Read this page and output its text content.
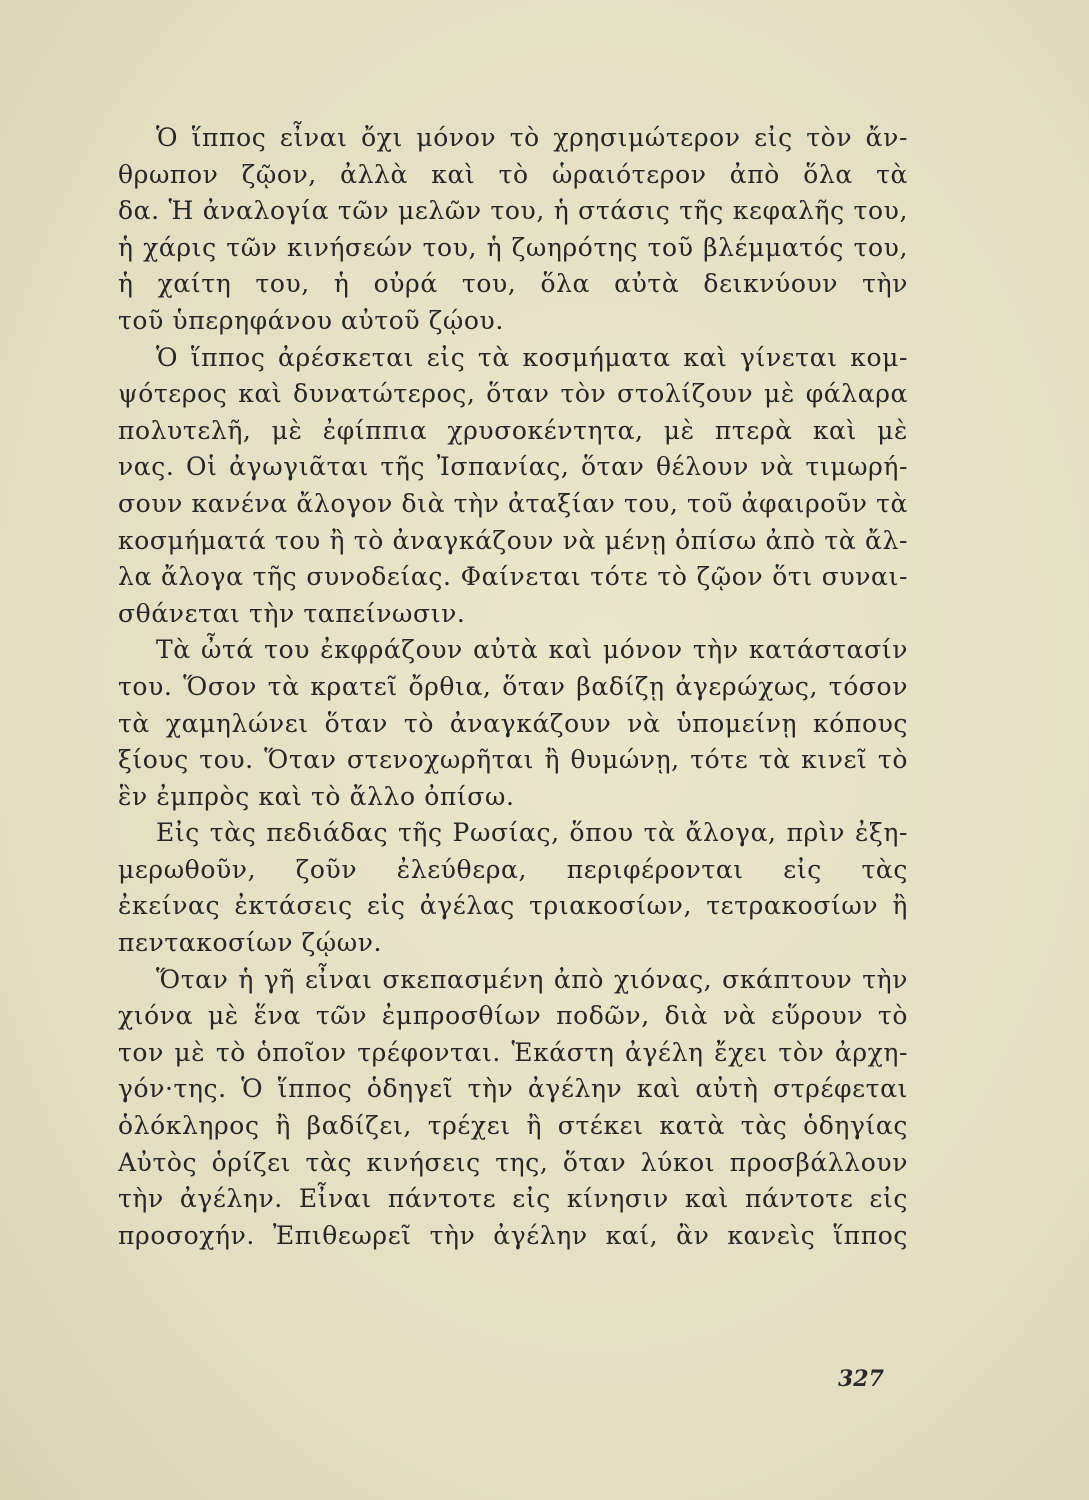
Ὁ ἵππος εἶναι ὄχι μόνον τὸ χρησιμώτερον εἰς τὸν ἄν-
θρωπον ζῷον, ἀλλὰ καὶ τὸ ὡραιότερον ἀπὸ ὅλα τὰ
δα. Ἡ ἀναλογία τῶν μελῶν του, ἡ στάσις τῆς κεφαλῆς του,
ἡ χάρις τῶν κινήσεών του, ἡ ζωηρότης τοῦ βλέμματός του,
ἡ χαίτη του, ἡ οὐρά του, ὅλα αὐτὰ δεικνύουν τὴν
τοῦ ὑπερηφάνου αὐτοῦ ζῴου.
Ὁ ἵππος ἀρέσκεται εἰς τὰ κοσμήματα καὶ γίνεται κομ-
ψότερος καὶ δυνατώτερος, ὅταν τὸν στολίζουν μὲ φάλαρα
πολυτελῆ, μὲ ἐφίππια χρυσοκέντητα, μὲ πτερὰ καὶ μὲ
νας. Οἱ ἀγωγιᾶται τῆς Ἰσπανίας, ὅταν θέλουν νὰ τιμωρή-
σουν κανένα ἄλογον διὰ τὴν ἀταξίαν του, τοῦ ἀφαιροῦν τὰ
κοσμήματά του ἢ τὸ ἀναγκάζουν νὰ μένῃ ὀπίσω ἀπὸ τὰ ἄλ-
λα ἄλογα τῆς συνοδείας. Φαίνεται τότε τὸ ζῷον ὅτι συναι-
σθάνεται τὴν ταπείνωσιν.
Τὰ ὦτά του ἐκφράζουν αὐτὰ καὶ μόνον τὴν κατάστασίν
του. Ὅσον τὰ κρατεῖ ὄρθια, ὅταν βαδίζῃ ἀγερώχως, τόσον
τὰ χαμηλώνει ὅταν τὸ ἀναγκάζουν νὰ ὑπομείνῃ κόπους
ξίους του. Ὅταν στενοχωρῆται ἢ θυμώνῃ, τότε τὰ κινεῖ τὸ
ἓν ἐμπρὸς καὶ τὸ ἄλλο ὀπίσω.
Εἰς τὰς πεδιάδας τῆς Ρωσίας, ὅπου τὰ ἄλογα, πρὶν ἐξη-
μερωθοῦν, ζοῦν ἐλεύθερα, περιφέρονται εἰς τὰς
ἐκείνας ἐκτάσεις εἰς ἀγέλας τριακοσίων, τετρακοσίων ἢ
πεντακοσίων ζῴων.
Ὅταν ἡ γῆ εἶναι σκεπασμένη ἀπὸ χιόνας, σκάπτουν τὴν
χιόνα μὲ ἕνα τῶν ἐμπροσθίων ποδῶν, διὰ νὰ εὕρουν τὸ
τον μὲ τὸ ὁποῖον τρέφονται. Ἑκάστη ἀγέλη ἔχει τὸν ἀρχη-
γόν·της. Ὁ ἵππος ὁδηγεῖ τὴν ἀγέλην καὶ αὐτὴ στρέφεται
ὁλόκληρος ἢ βαδίζει, τρέχει ἢ στέκει κατὰ τὰς ὁδηγίας
Αὐτὸς ὁρίζει τὰς κινήσεις της, ὅταν λύκοι προσβάλλουν
τὴν ἀγέλην. Εἶναι πάντοτε εἰς κίνησιν καὶ πάντοτε εἰς
προσοχήν. Ἐπιθεωρεῖ τὴν ἀγέλην καί, ἂν κανεὶς ἵππος
327
